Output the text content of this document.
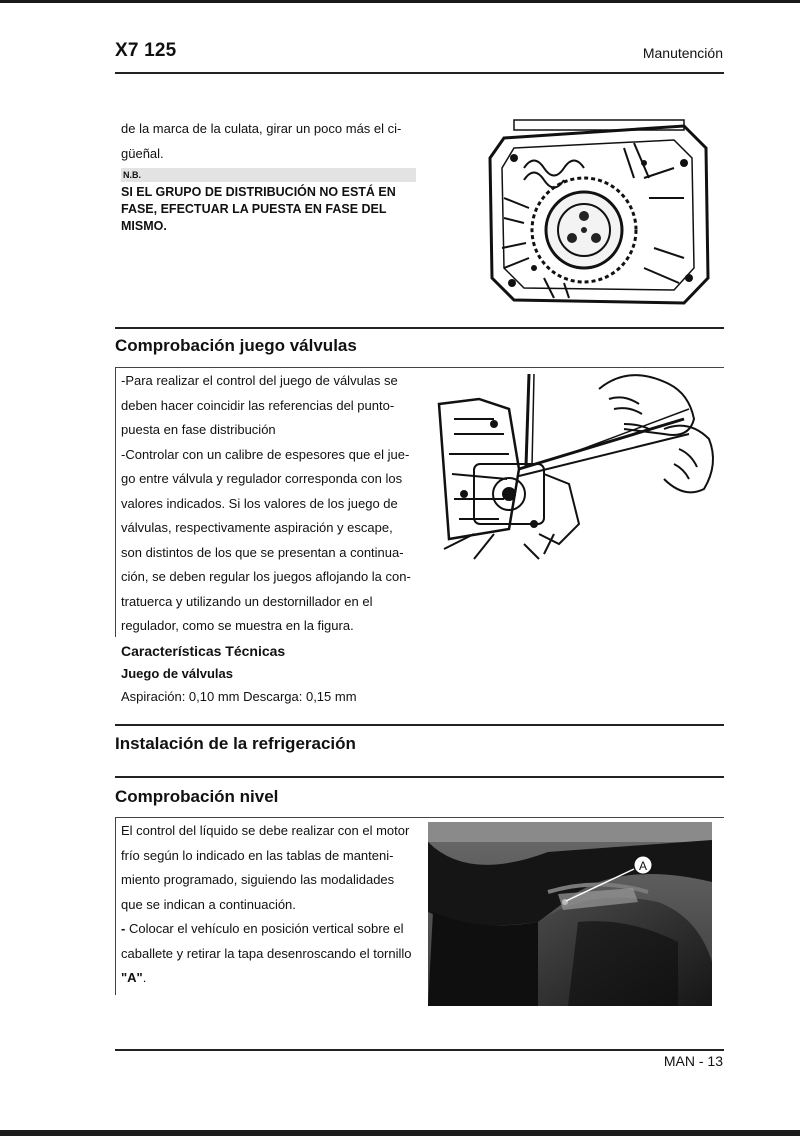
X7 125	Manutención

de la marca de la culata, girar un poco más el ci-
güeñal.

N.B.

SI EL GRUPO DE DISTRIBUCIÓN NO ESTÁ EN FASE, EFECTUAR LA PUESTA EN FASE DEL MISMO.

Comprobación juego válvulas

-Para realizar el control del juego de válvulas se
deben hacer coincidir las referencias del punto-
puesta en fase distribución
-Controlar con un calibre de espesores que el jue-
go entre válvula y regulador corresponda con los
valores indicados. Si los valores de los juego de
válvulas, respectivamente aspiración y escape,
son distintos de los que se presentan a continua-
ción, se deben regular los juegos aflojando la con-
tratuerca y utilizando un destornillador en el
regulador, como se muestra en la figura.

Características Técnicas
Juego de válvulas
Aspiración: 0,10 mm Descarga: 0,15 mm
Instalación de la refrigeración
Comprobación nivel

El control del líquido se debe realizar con el motor
frío según lo indicado en las tablas de manteni-
miento programado, siguiendo las modalidades
que se indican a continuación.
- Colocar el vehículo en posición vertical sobre el
caballete y retirar la tapa desenroscando el tornillo
"A".

A
MAN - 13
